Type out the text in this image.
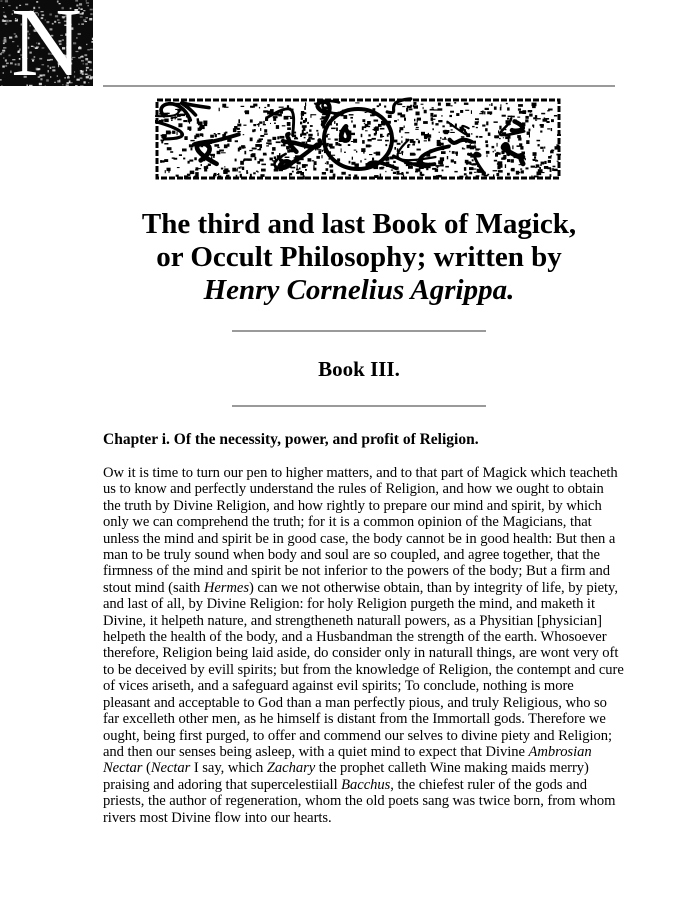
N
The third and last Book of Magick,
or Occult Philosophy; written by
Henry Cornelius Agrippa.
Book III.
Chapter i. Of the necessity, power, and profit of Religion.
Ow it is time to turn our pen to higher matters, and to that part of Magick which teacheth
us to know and perfectly understand the rules of Religion, and how we ought to obtain
the truth by Divine Religion, and how rightly to prepare our mind and spirit, by which
only we can comprehend the truth; for it is a common opinion of the Magicians, that
unless the mind and spirit be in good case, the body cannot be in good health: But then a
man to be truly sound when body and soul are so coupled, and agree together, that the
firmness of the mind and spirit be not inferior to the powers of the body; But a firm and
stout mind (saith Hermes) can we not otherwise obtain, than by integrity of life, by piety,
and last of all, by Divine Religion: for holy Religion purgeth the mind, and maketh it
Divine, it helpeth nature, and strengtheneth naturall powers, as a Physitian [physician]
helpeth the health of the body, and a Husbandman the strength of the earth. Whosoever
therefore, Religion being laid aside, do consider only in naturall things, are wont very oft
to be deceived by evill spirits; but from the knowledge of Religion, the contempt and cure
of vices ariseth, and a safeguard against evil spirits; To conclude, nothing is more
pleasant and acceptable to God than a man perfectly pious, and truly Religious, who so
far excelleth other men, as he himself is distant from the Immortall gods. Therefore we
ought, being first purged, to offer and commend our selves to divine piety and Religion;
and then our senses being asleep, with a quiet mind to expect that Divine Ambrosian
Nectar (Nectar I say, which Zachary the prophet calleth Wine making maids merry)
praising and adoring that supercelestiiall Bacchus, the chiefest ruler of the gods and
priests, the author of regeneration, whom the old poets sang was twice born, from whom
rivers most Divine flow into our hearts.
